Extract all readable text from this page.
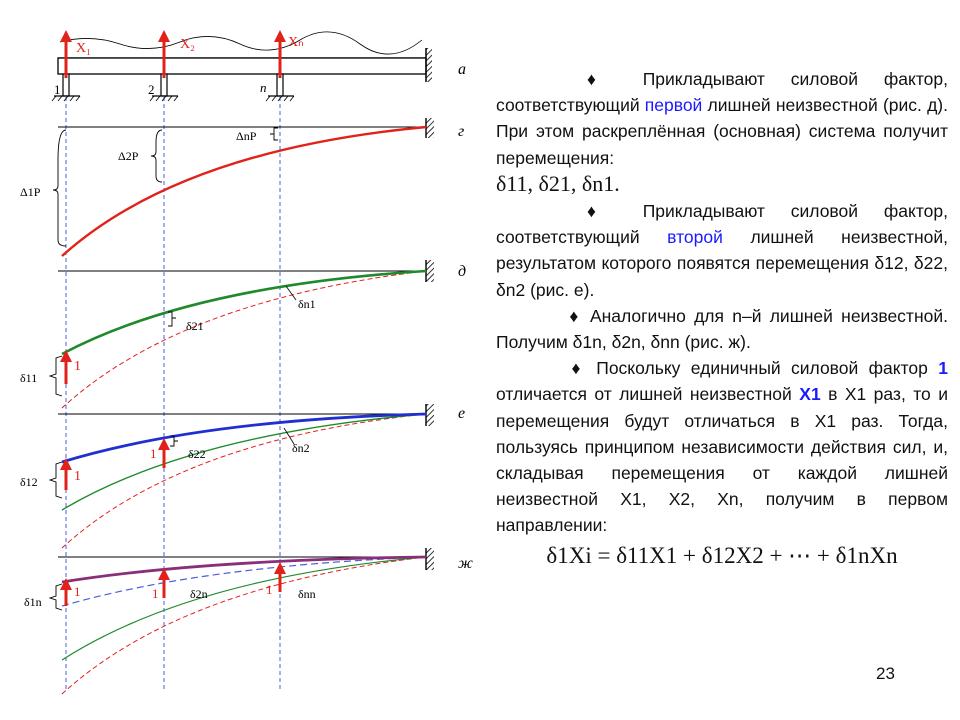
X₁	X₂	Xₙ
1	2	n
а
Δ1P
Δ2P
ΔnP	г
1
δ11
δ21
δn1
д
1
1
δ12
δ22	δn2
е
1	1	1
δ1n
δ2n	δnn
ж

♦ Прикладывают силовой фактор, соответствующий первой лишней неизвестной (рис. д). При этом раскреплённая (основная) система получит перемещения:

δ11, δ21, δn1.

♦ Прикладывают силовой фактор, соответствующий второй лишней неизвестной, результатом которого появятся перемещения δ12, δ22, δn2 (рис. е).

♦ Аналогично для n–й лишней неизвестной. Получим δ1n, δ2n, δnn (рис. ж).

♦ Поскольку единичный силовой фактор 1 отличается от лишней неизвестной X1 в X1 раз, то и перемещения будут отличаться в X1 раз. Тогда, пользуясь принципом независимости действия сил, и, складывая перемещения от каждой лишней неизвестной X1, X2, Xn, получим в первом направлении:

δ1Xi = δ11X1 + δ12X2 + ⋯ + δ1nXn
23
